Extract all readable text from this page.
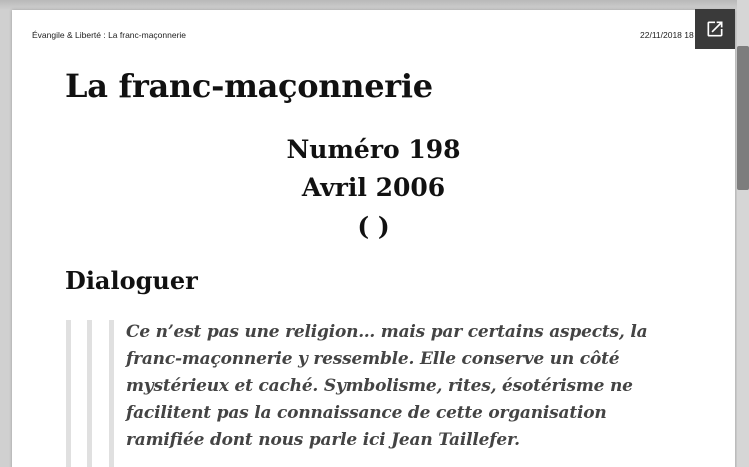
Évangile & Liberté : La franc-maçonnerie	22/11/2018 18
La franc-maçonnerie
Numéro 198
Avril 2006
( )
Dialoguer
Ce n’est pas une religion… mais par certains aspects, la
franc-maçonnerie y ressemble. Elle conserve un côté
mystérieux et caché. Symbolisme, rites, ésotérisme ne
facilitent pas la connaissance de cette organisation
ramifiée dont nous parle ici Jean Taillefer.
